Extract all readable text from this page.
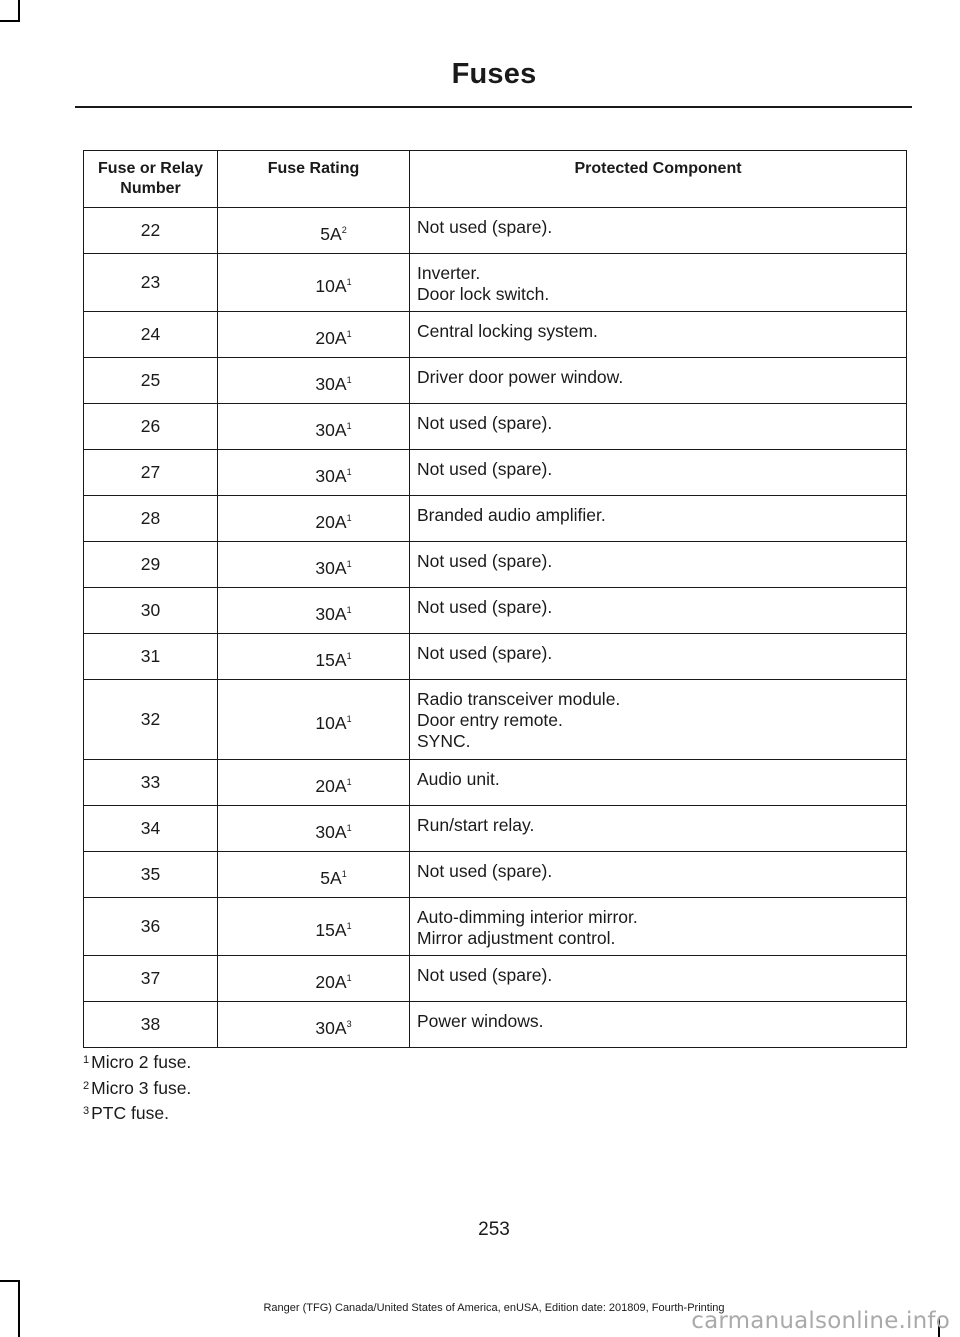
Fuses
Fuse or Relay Number	Fuse Rating	Protected Component
22	$5A^2$	Not used (spare).

23	$10A^1$	Inverter.
Door lock switch.

24	$20A^1$	Central locking system.

25	$30A^1$	Driver door power window.

26	$30A^1$	Not used (spare).

27	$30A^1$	Not used (spare).

28	$20A^1$	Branded audio amplifier.

29	$30A^1$	Not used (spare).

30	$30A^1$	Not used (spare).

31	$15A^1$	Not used (spare).

32	$10A^1$	Radio transceiver module.
Door entry remote.
SYNC.

33	$20A^1$	Audio unit.

34	$30A^1$	Run/start relay.

35	$5A^1$	Not used (spare).

36	$15A^1$	Auto-dimming interior mirror.
Mirror adjustment control.

37	$20A^1$	Not used (spare).

38	$30A^3$	Power windows.
$^1$ Micro 2 fuse.
$^2$ Micro 3 fuse.
$^3$ PTC fuse.
253
Ranger (TFG) Canada/United States of America, enUSA, Edition date: 201809, Fourth-Printing
carmanualsonline.info
